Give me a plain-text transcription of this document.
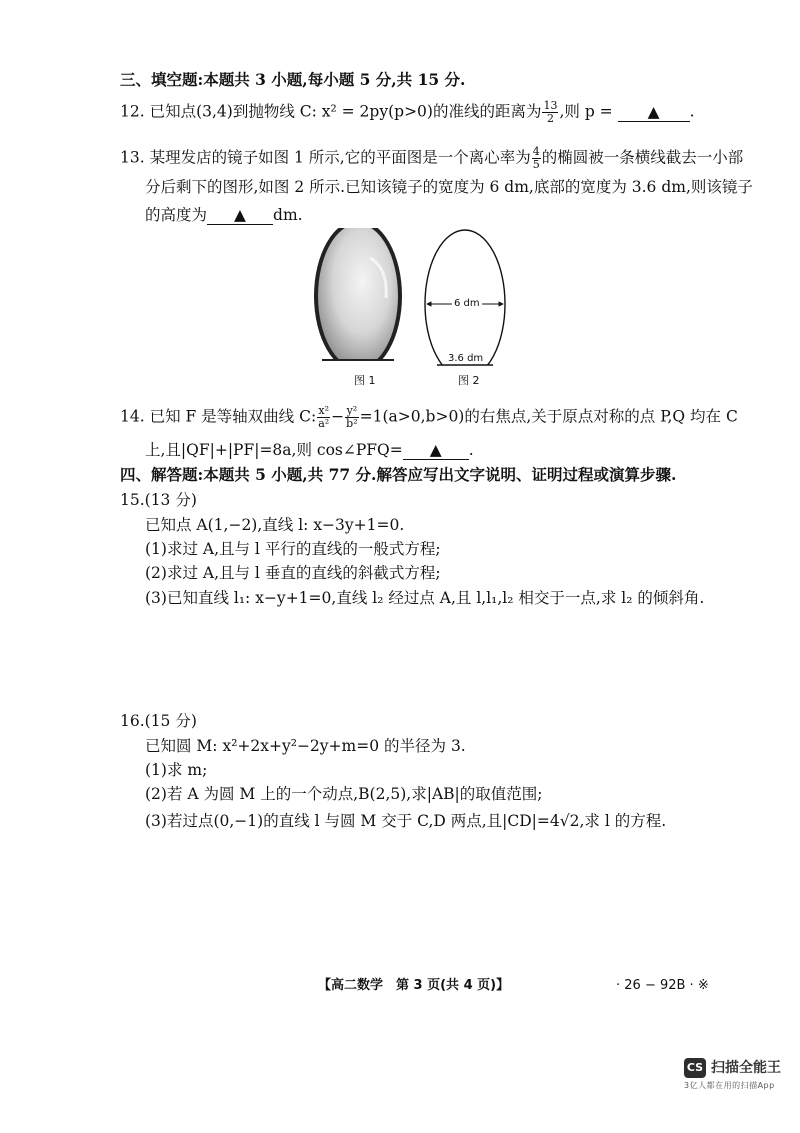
三、填空题:本题共 3 小题,每小题 5 分,共 15 分.
12. 已知点(3,4)到抛物线 C: x² = 2py(p>0)的准线的距离为 $\frac{13}{2}$ ,则 p = ▲ .
13. 某理发店的镜子如图 1 所示,它的平面图是一个离心率为 $\frac{4}{5}$ 的椭圆被一条横线截去一小部
分后剩下的图形,如图 2 所示.已知该镜子的宽度为 6 dm,底部的宽度为 3.6 dm,则该镜子
的高度为 ▲ dm.
图 1
6 dm
3.6 dm
图 2
14. 已知 F 是等轴双曲线 C: $\frac{\text{x²}}{\text{a²}} - \frac{\text{y²}}{\text{b²}} =1(a>0,b>0)$的右焦点,关于原点对称的点 P,Q 均在 C
上,且|QF|+|PF|=8a,则 cos∠PFQ= ▲ .
四、解答题:本题共 5 小题,共 77 分.解答应写出文字说明、证明过程或演算步骤.
15.(13 分)
已知点 A(1,−2),直线 l: x−3y+1=0.
(1)求过 A,且与 l 平行的直线的一般式方程;
(2)求过 A,且与 l 垂直的直线的斜截式方程;
(3)已知直线 l₁: x−y+1=0,直线 l₂ 经过点 A,且 l,l₁,l₂ 相交于一点,求 l₂ 的倾斜角.
16.(15 分)
已知圆 M: x²+2x+y²−2y+m=0 的半径为 3.
(1)求 m;
(2)若 A 为圆 M 上的一个动点,B(2,5),求|AB|的取值范围;
(3)若过点(0,−1)的直线 l 与圆 M 交于 C,D 两点,且|CD|=4√2,求 l 的方程.
【高二数学　第 3 页(共 4 页)】	· 26 − 92B · ※
CS 扫描全能王
3亿人都在用的扫描App
